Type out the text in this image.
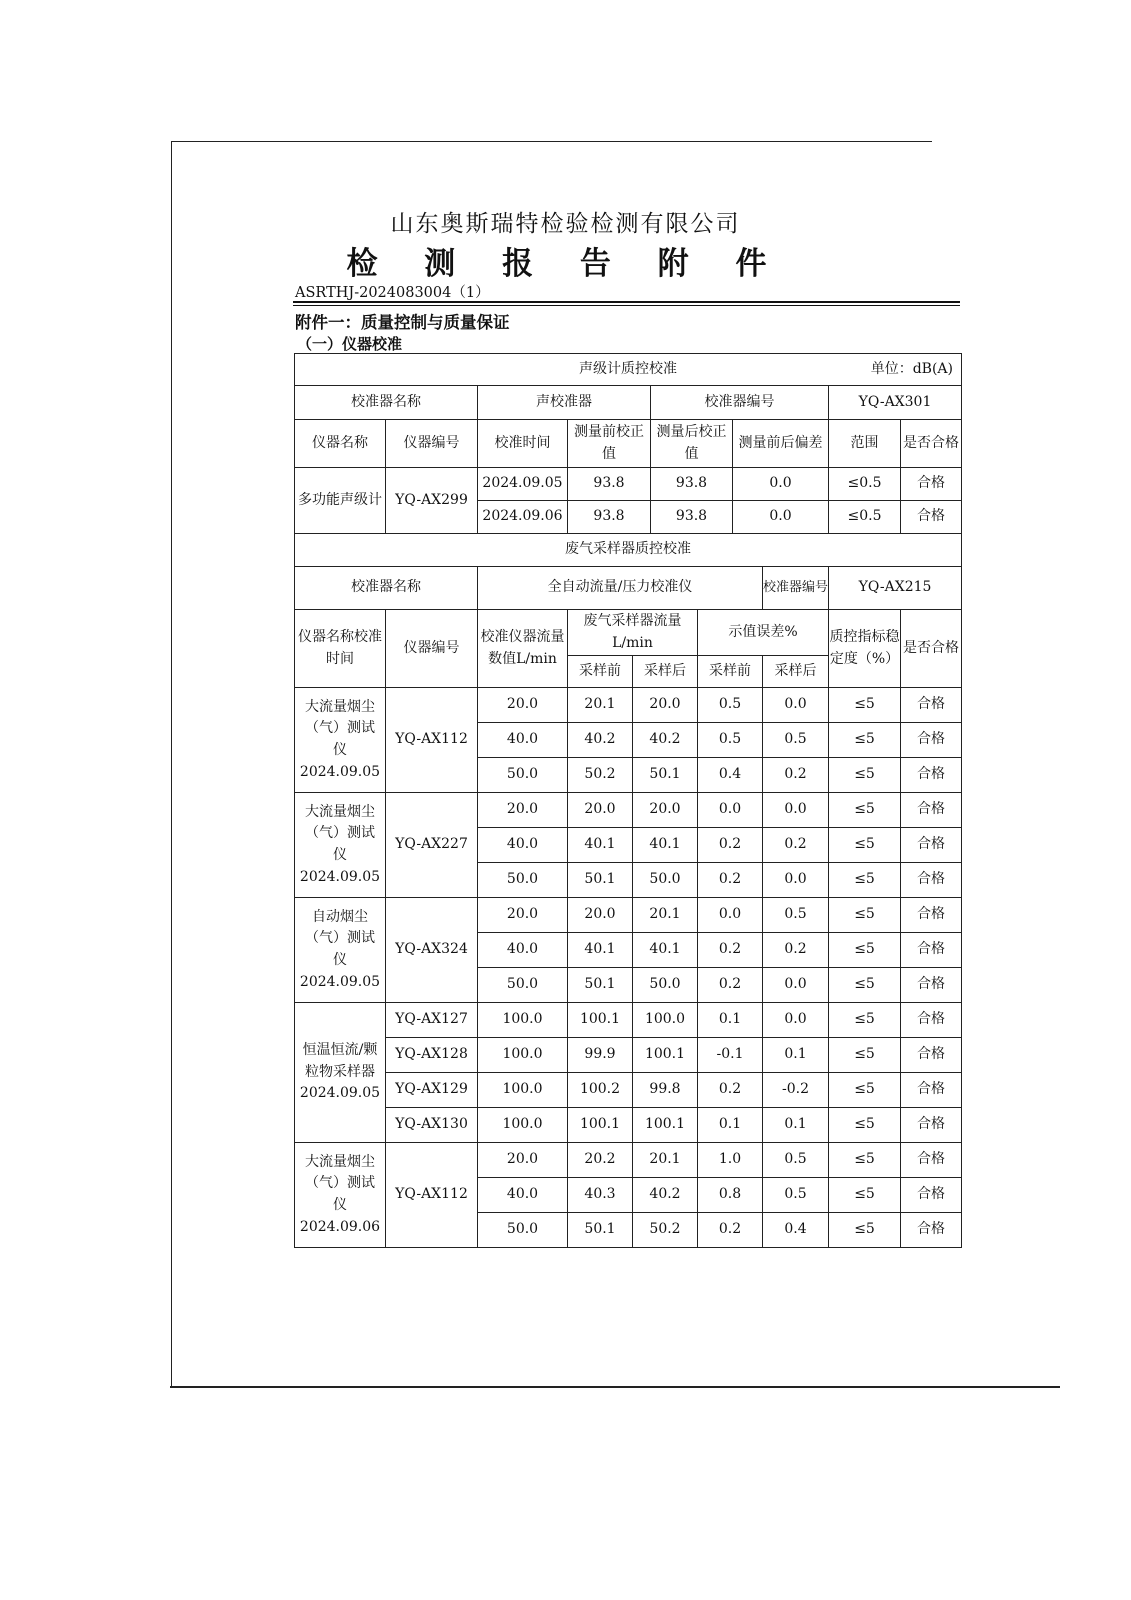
山东奥斯瑞特检验检测有限公司
检 测 报 告 附 件
ASRTHJ-2024083004（1）
附件一：质量控制与质量保证
（一）仪器校准
声级计质控校准 单位：dB(A)							

校准器名称		声校准器		校准器编号		YQ-AX301	
仪器名称	仪器编号	校准时间	测量前校正值	测量后校正值	测量前后偏差	范围	是否合格
多功能声级计	YQ-AX299	2024.09.05	93.8	93.8	0.0	≤0.5	合格
		2024.09.06	93.8	93.8	0.0	≤0.5	合格
废气采样器质控校准							
校准器名称		全自动流量/压力校准仪				校准器编号	YQ-AX215	
仪器名称校准时间	仪器编号	校准仪器流量数值L/min	废气采样器流量L/min		示值误差%		质控指标稳定度（%）	是否合格
			采样前	采样后	采样前	采样后		

大流量烟尘（气）测试仪
2024.09.05	YQ-AX112	20.0	20.1	20.0	0.5	0.0	≤5	合格
		40.0	40.2	40.2	0.5	0.5	≤5	合格
		50.0	50.2	50.1	0.4	0.2	≤5	合格

大流量烟尘（气）测试仪
2024.09.05	YQ-AX227	20.0	20.0	20.0	0.0	0.0	≤5	合格
		40.0	40.1	40.1	0.2	0.2	≤5	合格
		50.0	50.1	50.0	0.2	0.0	≤5	合格

自动烟尘（气）测试仪
2024.09.05	YQ-AX324	20.0	20.0	20.1	0.0	0.5	≤5	合格
		40.0	40.1	40.1	0.2	0.2	≤5	合格
		50.0	50.1	50.0	0.2	0.0	≤5	合格

恒温恒流/颗粒物采样器
2024.09.05	YQ-AX127	100.0	100.1	100.0	0.1	0.0	≤5	合格
	YQ-AX128	100.0	99.9	100.1	-0.1	0.1	≤5	合格
	YQ-AX129	100.0	100.2	99.8	0.2	-0.2	≤5	合格
	YQ-AX130	100.0	100.1	100.1	0.1	0.1	≤5	合格

大流量烟尘（气）测试仪
2024.09.06	YQ-AX112	20.0	20.2	20.1	1.0	0.5	≤5	合格
		40.0	40.3	40.2	0.8	0.5	≤5	合格
		50.0	50.1	50.2	0.2	0.4	≤5	合格
